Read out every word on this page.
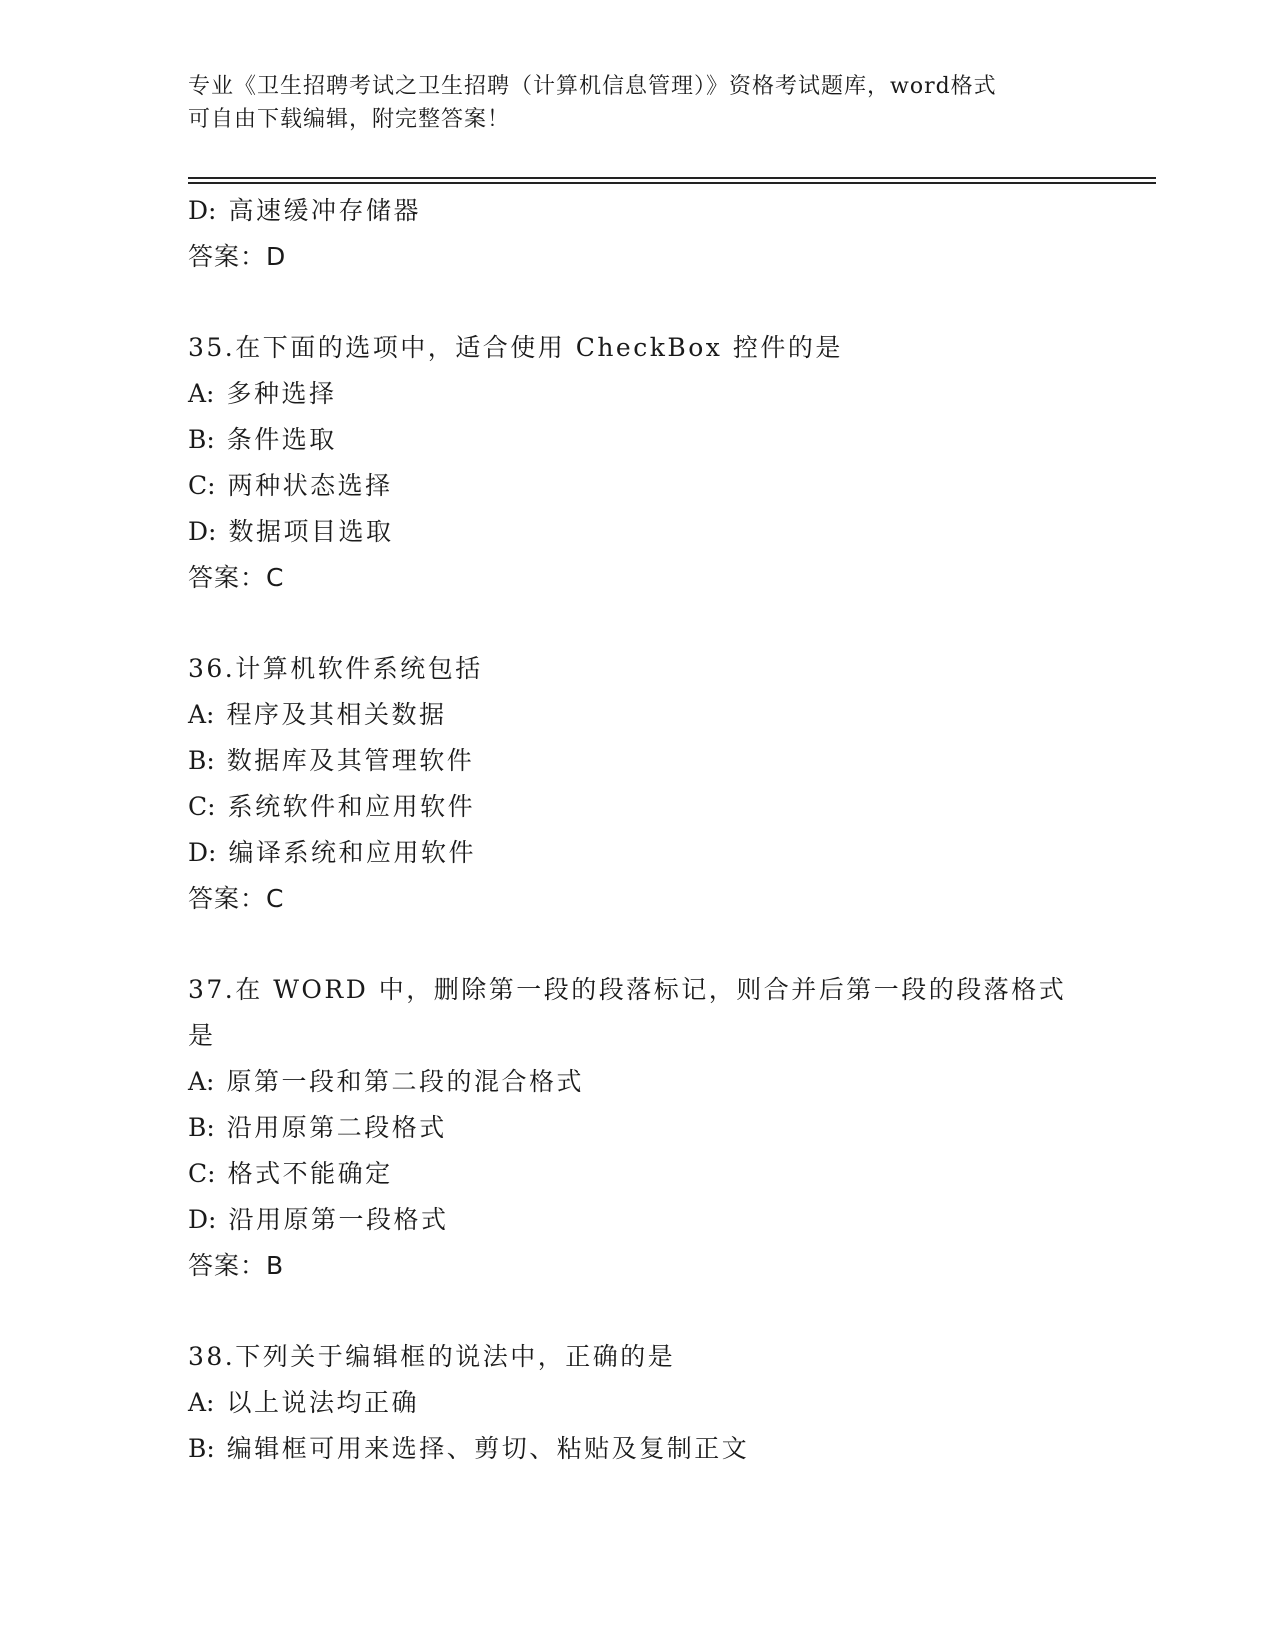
专业《卫生招聘考试之卫生招聘（计算机信息管理）》资格考试题库，word格式
可自由下载编辑，附完整答案！
D: 高速缓冲存储器
答案：D
35.在下面的选项中，适合使用 CheckBox 控件的是
A: 多种选择
B: 条件选取
C: 两种状态选择
D: 数据项目选取
答案：C
36.计算机软件系统包括
A: 程序及其相关数据
B: 数据库及其管理软件
C: 系统软件和应用软件
D: 编译系统和应用软件
答案：C
37.在 WORD 中，删除第一段的段落标记，则合并后第一段的段落格式
是
A: 原第一段和第二段的混合格式
B: 沿用原第二段格式
C: 格式不能确定
D: 沿用原第一段格式
答案：B
38.下列关于编辑框的说法中，正确的是
A: 以上说法均正确
B: 编辑框可用来选择、剪切、粘贴及复制正文
